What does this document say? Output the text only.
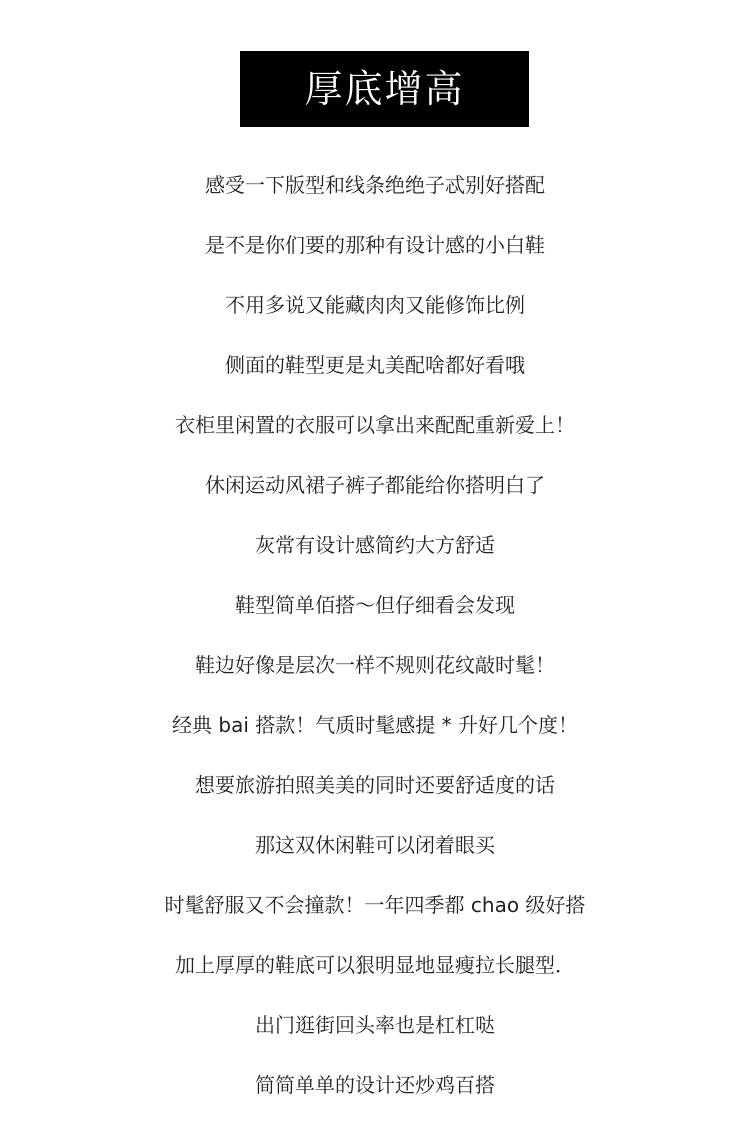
厚底增高
感受一下版型和线条绝绝子忒别好搭配
是不是你们要的那种有设计感的小白鞋
不用多说又能藏肉肉又能修饰比例
侧面的鞋型更是丸美配啥都好看哦
衣柜里闲置的衣服可以拿出来配配重新爱上！
休闲运动风裙子裤子都能给你搭明白了
灰常有设计感简约大方舒适
鞋型简单佰搭～但仔细看会发现
鞋边好像是层次一样不规则花纹敲时髦！
经典 bai 搭款！气质时髦感提 * 升好几个度！
想要旅游拍照美美的同时还要舒适度的话
那这双休闲鞋可以闭着眼买
时髦舒服又不会撞款！一年四季都 chao 级好搭
加上厚厚的鞋底可以狠明显地显瘦拉长腿型．
出门逛街回头率也是杠杠哒
简简单单的设计还炒鸡百搭
